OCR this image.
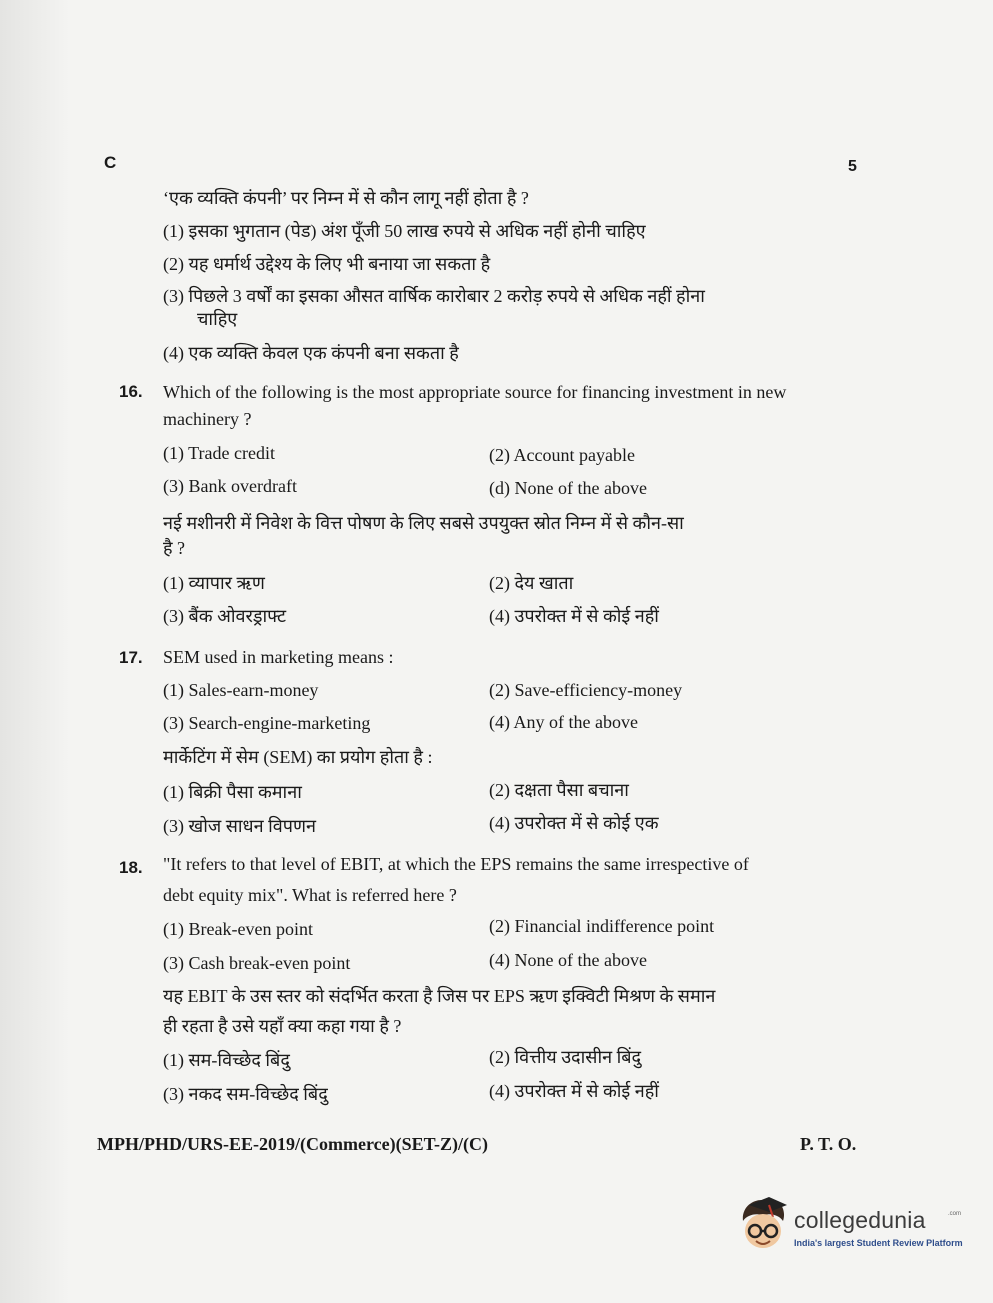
C	5
‘एक व्यक्ति कंपनी’ पर निम्न में से कौन लागू नहीं होता है ?
(1) इसका भुगतान (पेड) अंश पूँजी 50 लाख रुपये से अधिक नहीं होनी चाहिए
(2) यह धर्मार्थ उद्देश्य के लिए भी बनाया जा सकता है
(3) पिछले 3 वर्षों का इसका औसत वार्षिक कारोबार 2 करोड़ रुपये से अधिक नहीं होना
चाहिए
(4) एक व्यक्ति केवल एक कंपनी बना सकता है
16. Which of the following is the most appropriate source for financing investment in new
machinery ?
(1) Trade credit	(2) Account payable
(3) Bank overdraft	(d) None of the above
नई मशीनरी में निवेश के वित्त पोषण के लिए सबसे उपयुक्त स्रोत निम्न में से कौन-सा
है ?
(1) व्यापार ऋण	(2) देय खाता
(3) बैंक ओवरड्राफ्ट	(4) उपरोक्त में से कोई नहीं
17. SEM used in marketing means :
(1) Sales-earn-money	(2) Save-efficiency-money
(3) Search-engine-marketing	(4) Any of the above
मार्केटिंग में सेम (SEM) का प्रयोग होता है :
(1) बिक्री पैसा कमाना	(2) दक्षता पैसा बचाना
(3) खोज साधन विपणन	(4) उपरोक्त में से कोई एक
18. "It refers to that level of EBIT, at which the EPS remains the same irrespective of
debt equity mix". What is referred here ?
(1) Break-even point	(2) Financial indifference point
(3) Cash break-even point	(4) None of the above
यह EBIT के उस स्तर को संदर्भित करता है जिस पर EPS ऋण इक्विटी मिश्रण के समान
ही रहता है उसे यहाँ क्या कहा गया है ?
(1) सम-विच्छेद बिंदु	(2) वित्तीय उदासीन बिंदु
(3) नकद सम-विच्छेद बिंदु	(4) उपरोक्त में से कोई नहीं
MPH/PHD/URS-EE-2019/(Commerce)(SET-Z)/(C)	P. T. O.
collegedunia	.com
India's largest Student Review Platform
